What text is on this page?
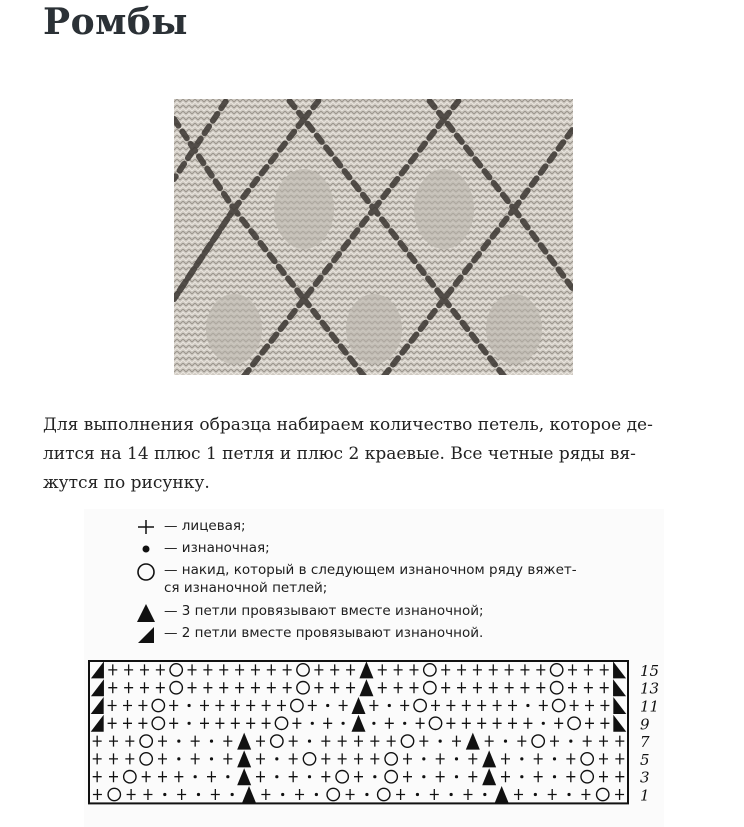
Ромбы

Для выполнения образца набираем количество петель, которое де-
лится на 14 плюс 1 петля и плюс 2 краевые. Все четные ряды вя-
жутся по рисунку.

— лицевая;
— изнаночная;
— накид, который в следующем изнаночном ряду вяжет-
ся изнаночной петлей;
— 3 петли провязывают вместе изнаночной;
— 2 петли вместе провязывают изнаночной.
15
13
11
9
7
5
3
1
